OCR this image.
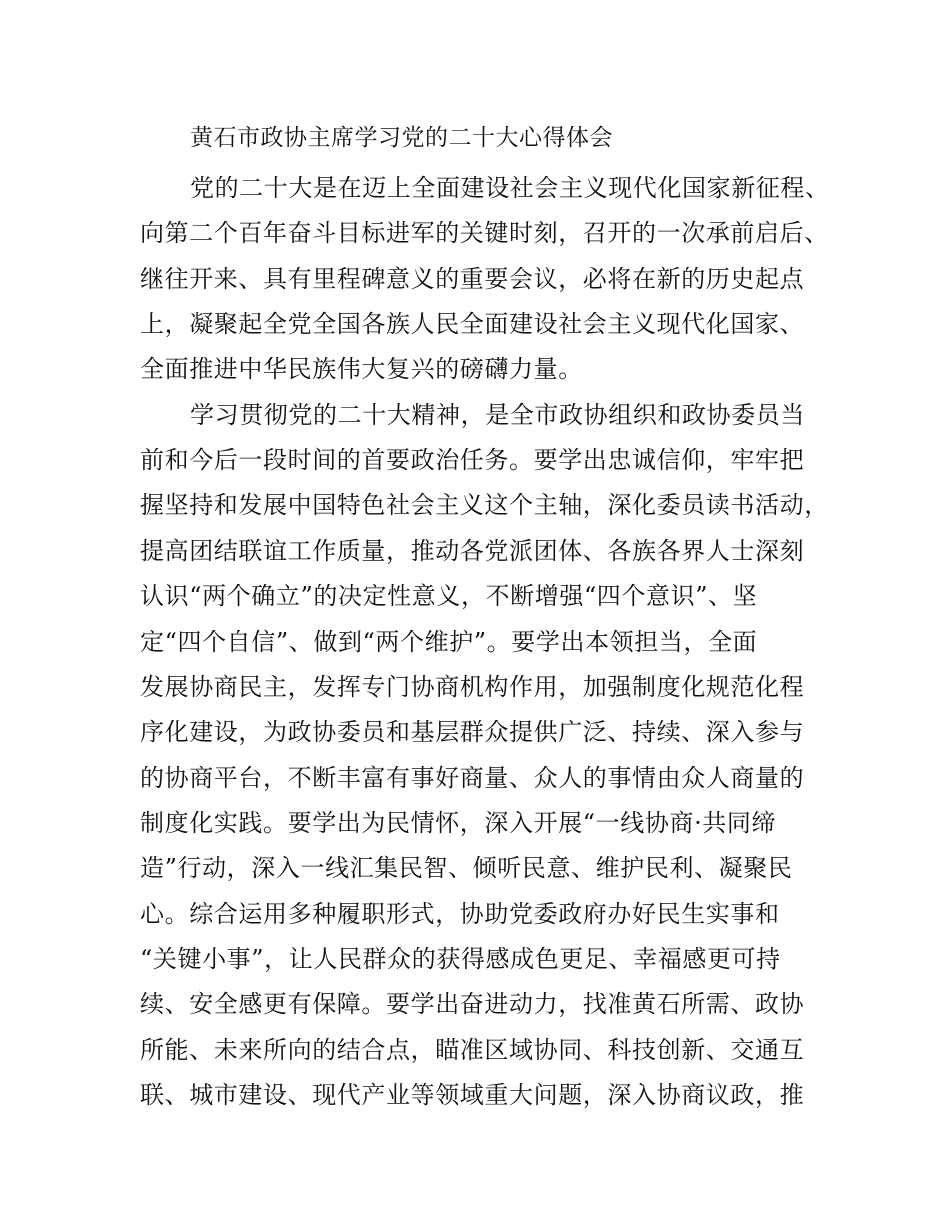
黄石市政协主席学习党的二十大心得体会
党的二十大是在迈上全面建设社会主义现代化国家新征程、
向第二个百年奋斗目标进军的关键时刻，召开的一次承前启后、
继往开来、具有里程碑意义的重要会议，必将在新的历史起点
上，凝聚起全党全国各族人民全面建设社会主义现代化国家、
全面推进中华民族伟大复兴的磅礴力量。
学习贯彻党的二十大精神，是全市政协组织和政协委员当
前和今后一段时间的首要政治任务。要学出忠诚信仰，牢牢把
握坚持和发展中国特色社会主义这个主轴，深化委员读书活动，
提高团结联谊工作质量，推动各党派团体、各族各界人士深刻
认识“两个确立”的决定性意义，不断增强“四个意识”、坚
定“四个自信”、做到“两个维护”。要学出本领担当，全面
发展协商民主，发挥专门协商机构作用，加强制度化规范化程
序化建设，为政协委员和基层群众提供广泛、持续、深入参与
的协商平台，不断丰富有事好商量、众人的事情由众人商量的
制度化实践。要学出为民情怀，深入开展“一线协商·共同缔
造”行动，深入一线汇集民智、倾听民意、维护民利、凝聚民
心。综合运用多种履职形式，协助党委政府办好民生实事和
“关键小事”，让人民群众的获得感成色更足、幸福感更可持
续、安全感更有保障。要学出奋进动力，找准黄石所需、政协
所能、未来所向的结合点，瞄准区域协同、科技创新、交通互
联、城市建设、现代产业等领域重大问题，深入协商议政，推
